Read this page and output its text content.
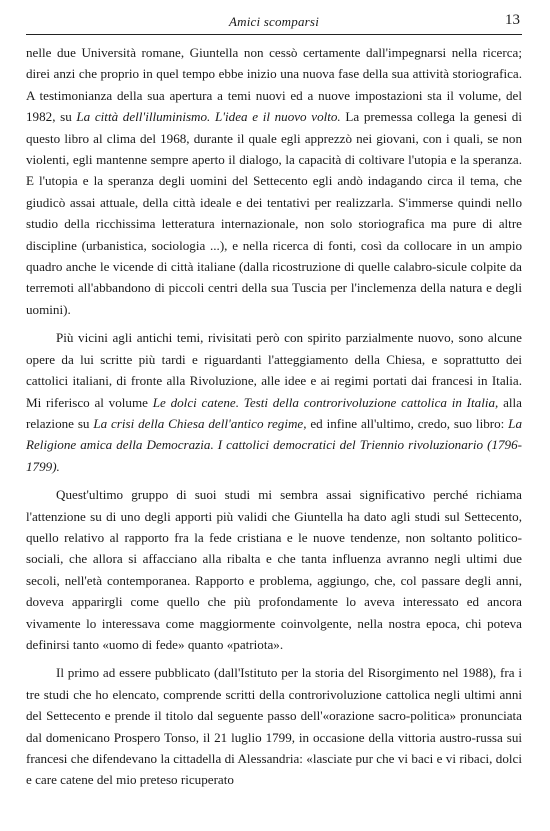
Amici scomparsi	13

nelle due Università romane, Giuntella non cessò certamente dall'impegnarsi nella ricerca; direi anzi che proprio in quel tempo ebbe inizio una nuova fase della sua attività storiografica. A testimonianza della sua apertura a temi nuovi ed a nuove impostazioni sta il volume, del 1982, su La città dell'illuminismo. L'idea e il nuovo volto. La premessa collega la genesi di questo libro al clima del 1968, durante il quale egli apprezzò nei giovani, con i quali, se non violenti, egli mantenne sempre aperto il dialogo, la capacità di coltivare l'utopia e la speranza. E l'utopia e la speranza degli uomini del Settecento egli andò indagando circa il tema, che giudicò assai attuale, della città ideale e dei tentativi per realizzarla. S'immerse quindi nello studio della ricchissima letteratura internazionale, non solo storiografica ma pure di altre discipline (urbanistica, sociologia ...), e nella ricerca di fonti, così da collocare in un ampio quadro anche le vicende di città italiane (dalla ricostruzione di quelle calabro-sicule colpite da terremoti all'abbandono di piccoli centri della sua Tuscia per l'inclemenza della natura e degli uomini).

Più vicini agli antichi temi, rivisitati però con spirito parzialmente nuovo, sono alcune opere da lui scritte più tardi e riguardanti l'atteggiamento della Chiesa, e soprattutto dei cattolici italiani, di fronte alla Rivoluzione, alle idee e ai regimi portati dai francesi in Italia. Mi riferisco al volume Le dolci catene. Testi della controrivoluzione cattolica in Italia, alla relazione su La crisi della Chiesa dell'antico regime, ed infine all'ultimo, credo, suo libro: La Religione amica della Democrazia. I cattolici democratici del Triennio rivoluzionario (1796-1799).

Quest'ultimo gruppo di suoi studi mi sembra assai significativo perché richiama l'attenzione su di uno degli apporti più validi che Giuntella ha dato agli studi sul Settecento, quello relativo al rapporto fra la fede cristiana e le nuove tendenze, non soltanto politico-sociali, che allora si affacciano alla ribalta e che tanta influenza avranno negli ultimi due secoli, nell'età contemporanea. Rapporto e problema, aggiungo, che, col passare degli anni, doveva apparirgli come quello che più profondamente lo aveva interessato ed ancora vivamente lo interessava come maggiormente coinvolgente, nella nostra epoca, chi poteva definirsi tanto «uomo di fede» quanto «patriota».

Il primo ad essere pubblicato (dall'Istituto per la storia del Risorgimento nel 1988), fra i tre studi che ho elencato, comprende scritti della controrivoluzione cattolica negli ultimi anni del Settecento e prende il titolo dal seguente passo dell'«orazione sacro-politica» pronunciata dal domenicano Prospero Tonso, il 21 luglio 1799, in occasione della vittoria austro-russa sui francesi che difendevano la cittadella di Alessandria: «lasciate pur che vi baci e vi ribaci, dolci e care catene del mio preteso ricuperato
